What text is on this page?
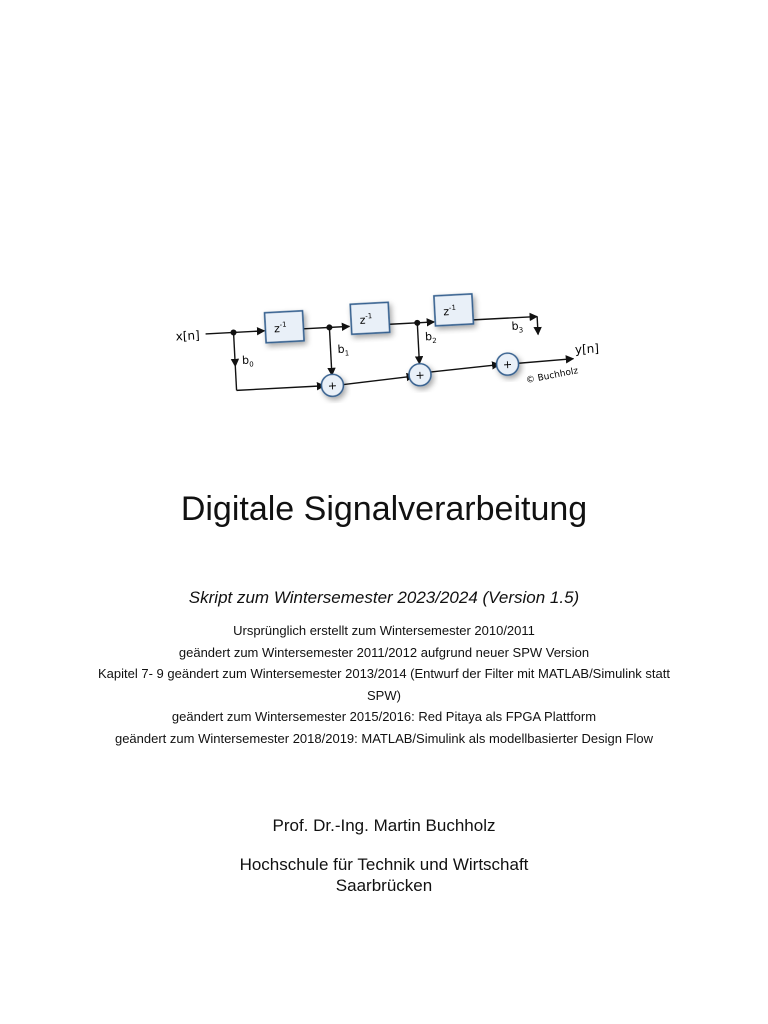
$z^{-1}$	$z^{-1}$	$z^{-1}$
+
+
+
x[n]
y[n]
$b_0$
$b_1$
$b_2$
$b_3$
© Buchholz
Digitale Signalverarbeitung
Skript zum Wintersemester 2023/2024 (Version 1.5)
Ursprünglich erstellt zum Wintersemester 2010/2011
geändert zum Wintersemester 2011/2012 aufgrund neuer SPW Version
Kapitel 7- 9 geändert zum Wintersemester 2013/2014 (Entwurf der Filter mit MATLAB/Simulink statt SPW)
geändert zum Wintersemester 2015/2016: Red Pitaya als FPGA Plattform
geändert zum Wintersemester 2018/2019: MATLAB/Simulink als modellbasierter Design Flow
Prof. Dr.-Ing. Martin Buchholz
Hochschule für Technik und Wirtschaft
Saarbrücken
